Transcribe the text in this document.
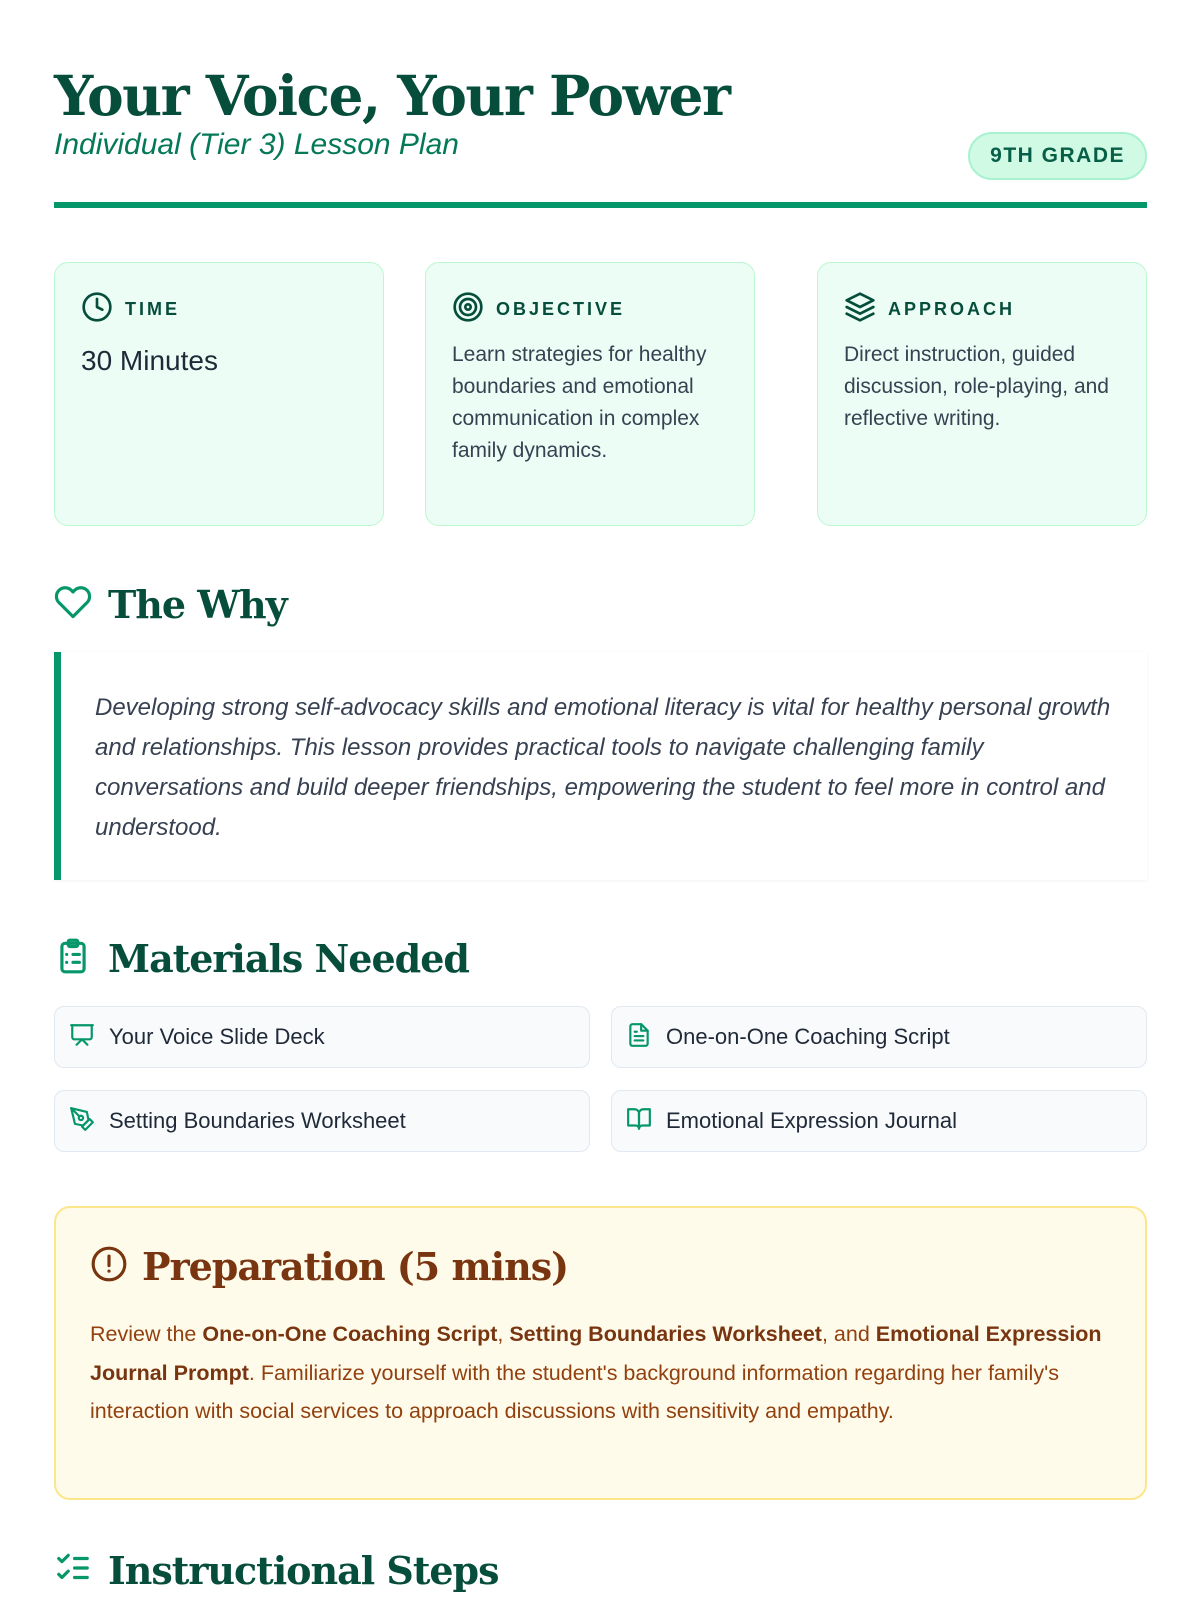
Your Voice, Your Power
Individual (Tier 3) Lesson Plan	9TH GRADE
TIME
30 Minutes
OBJECTIVE
Learn strategies for healthy boundaries and emotional communication in complex family dynamics.
APPROACH
Direct instruction, guided discussion, role-playing, and reflective writing.
The Why

Developing strong self-advocacy skills and emotional literacy is vital for healthy personal growth and relationships. This lesson provides practical tools to navigate challenging family conversations and build deeper friendships, empowering the student to feel more in control and understood.

Materials Needed
Your Voice Slide Deck	One-on-One Coaching Script
Setting Boundaries Worksheet	Emotional Expression Journal
Preparation (5 mins)

Review the One-on-One Coaching Script, Setting Boundaries Worksheet, and Emotional Expression Journal Prompt. Familiarize yourself with the student's background information regarding her family's interaction with social services to approach discussions with sensitivity and empathy.

Instructional Steps
